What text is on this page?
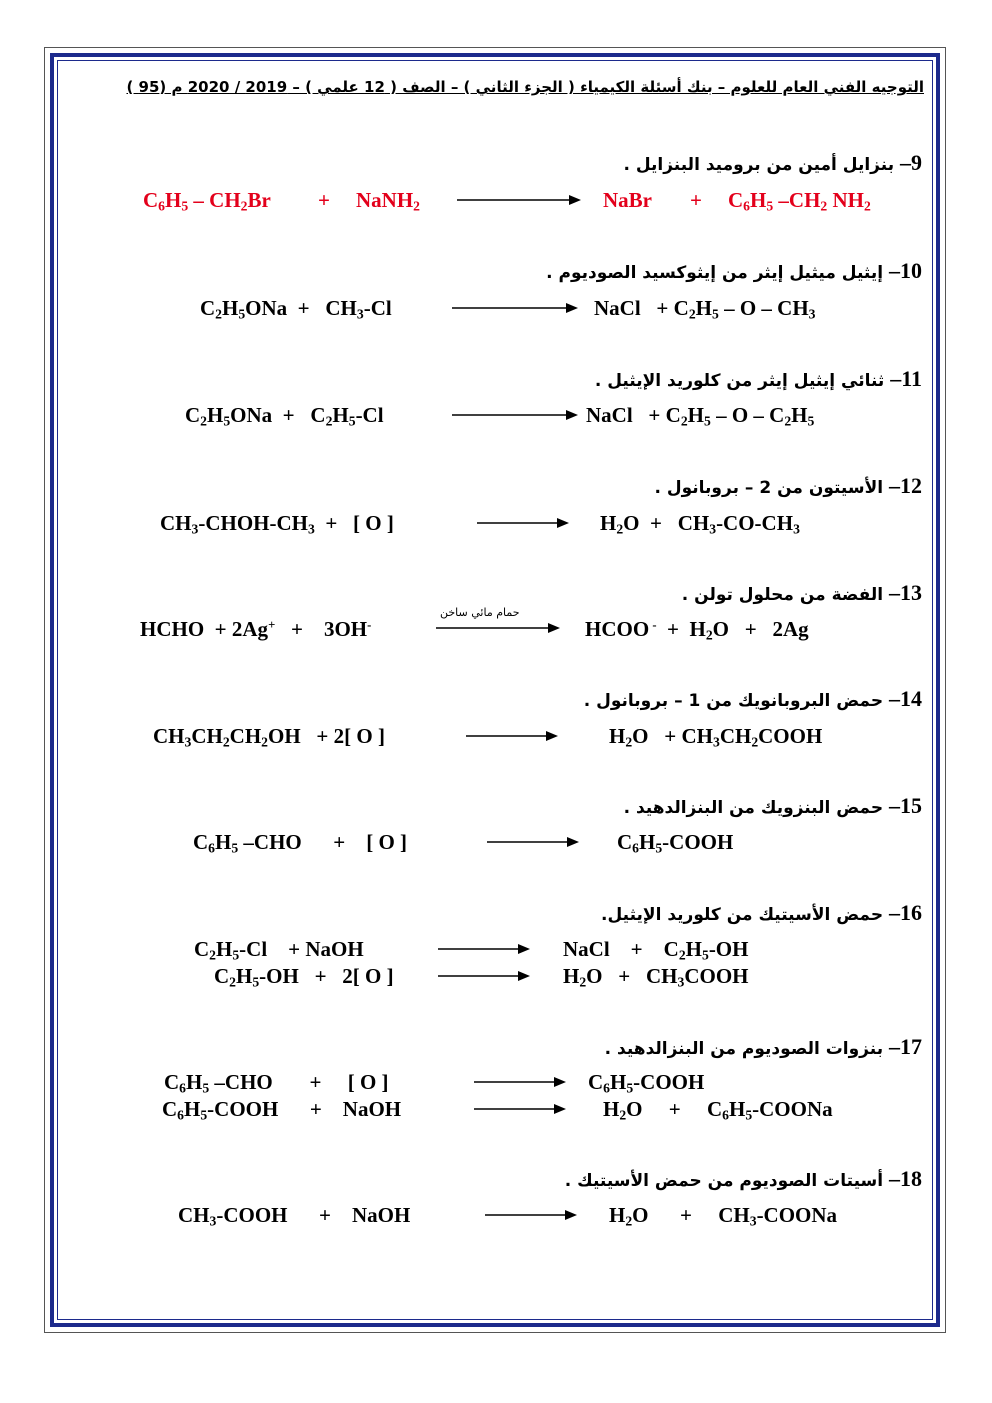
التوجيه الفني العام للعلوم – بنك أسئلة الكيمياء ( الجزء الثاني ) – الصف ( 12 علمي ) – 2019 / 2020 م (95 )
9– بنزايل أمين من بروميد البنزايل .
$C_6H_5 - CH_2Br$ + NaNH$_2$	NaBr + $C_6H_5$ $-CH_2$ $NH_2$
10– إيثيل ميثيل إيثر من إيثوكسيد الصوديوم .
$C_2H_5ONa + CH_3-Cl$	NaCl   + $C_2H_5$ – O – $CH_3$
11– ثنائي إيثيل إيثر من كلوريد الإيثيل .
$C_2H_5ONa + C_2H_5-Cl$	NaCl   + $C_2H_5$ – O – $C_2H_5$
12– الأسيتون من 2 – بروبانول .
$CH_3-CHOH-CH_3$  +   [ O ]	$H_2O + CH_3-CO-CH_3$
13– الفضة من محلول تولن .
HCHO  + 2Ag+   +    3OH-
حمام مائي ساخن
HCOO $^- + H_2O + 2Ag$
14– حمض البروبانويك من 1 – بروبانول .
$CH_3CH_2CH_2OH + 2$[ O ]	$H_2O$   + $CH_3CH_2COOH$
15– حمض البنزويك من البنزالدهيد .
$C_6H_5$ –CHO      +    [ O ]	$C_6H_5$-COOH
16– حمض الأسيتيك من كلوريد الإيثيل.
$C_2H_5-Cl$    + NaOH	NaCl    +    $C_2H_5-OH$
$C_2H_5-OH + 2$[ O ]	$H_2O$   +   $CH_3COOH$
17– بنزوات الصوديوم من البنزالدهيد .
$C_6H_5$ –CHO       +     [ O ]	$C_6H_5$-COOH
$C_6H_5$-COOH      +    NaOH	$H_2O$     +     $C_6H_5$-COONa
18– أسيتات الصوديوم من حمض الأسيتيك .
$CH_3$-COOH      +    NaOH	$H_2O$      +     $CH_3$-COONa
